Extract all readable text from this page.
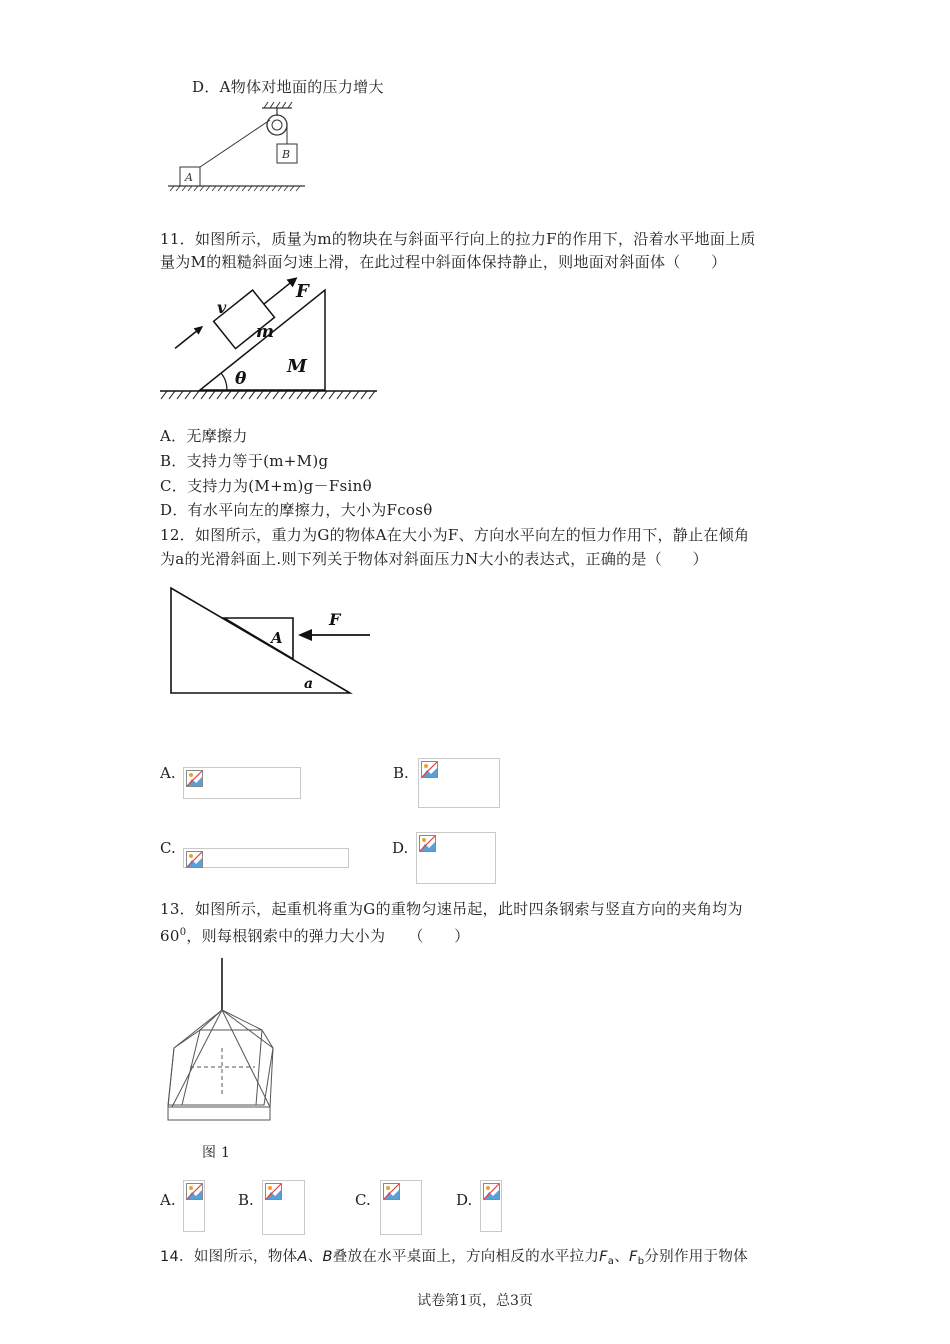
D．A物体对地面的压力增大
B
A
11．如图所示，质量为m的物块在与斜面平行向上的拉力F的作用下，沿着水平地面上质
量为M的粗糙斜面匀速上滑，在此过程中斜面体保持静止，则地面对斜面体（　　）
θ
M
m
F
v
A．无摩擦力
B．支持力等于(m+M)g
C．支持力为(M+m)g－Fsinθ
D．有水平向左的摩擦力，大小为Fcosθ
12．如图所示，重力为G的物体A在大小为F、方向水平向左的恒力作用下，静止在倾角
为a的光滑斜面上.则下列关于物体对斜面压力N大小的表达式，正确的是（　　）
A
F
a
A.	B.
C.	D.
13．如图所示，起重机将重为G的重物匀速吊起，此时四条钢索与竖直方向的夹角均为
$60^0$，则每根钢索中的弹力大小为　　（　　）
图 1
A.	B.	C.	D.
14．如图所示，物体A、B叠放在水平桌面上，方向相反的水平拉力$F_a$、$F_b$分别作用于物体
试卷第1页，总3页
